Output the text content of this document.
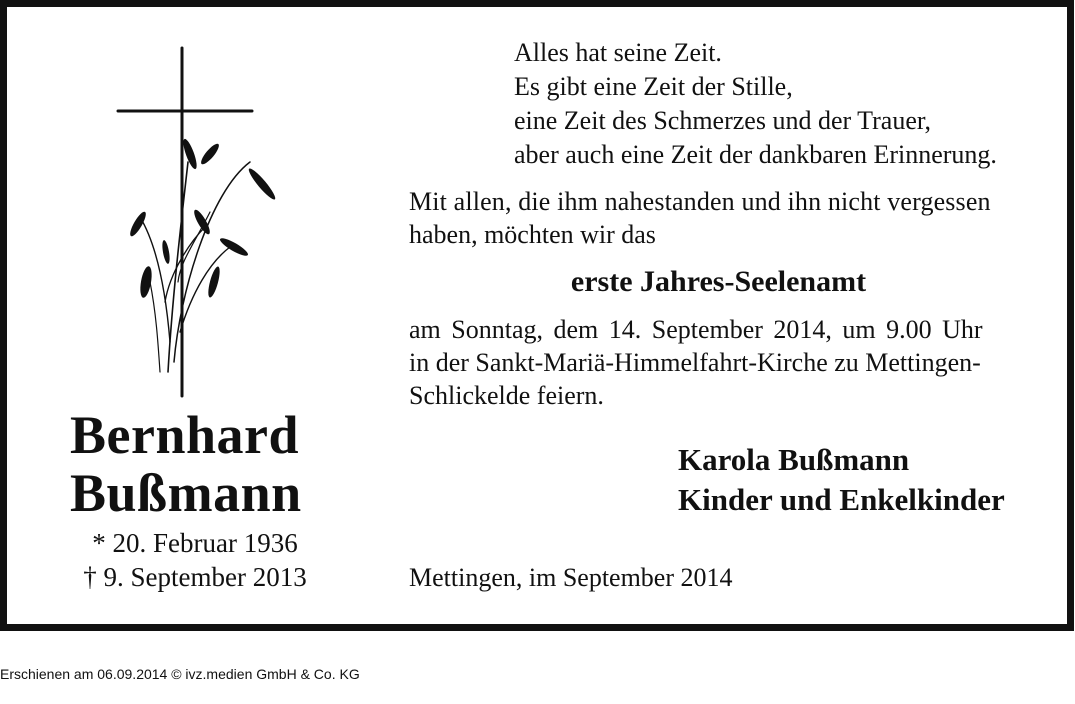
Bernhard
Bußmann
* 20. Februar 1936
† 9. September 2013
Alles hat seine Zeit.
Es gibt eine Zeit der Stille,
eine Zeit des Schmerzes und der Trauer,
aber auch eine Zeit der dankbaren Erinnerung.
Mit allen, die ihm nahestanden und ihn nicht vergessen
haben, möchten wir das
erste Jahres-Seelenamt
am Sonntag, dem 14. September 2014, um 9.00 Uhr
in der Sankt-Mariä-Himmelfahrt-Kirche zu Mettingen-
Schlickelde feiern.
Karola Bußmann
Kinder und Enkelkinder
Mettingen, im September 2014
Erschienen am 06.09.2014 © ivz.medien GmbH & Co. KG
